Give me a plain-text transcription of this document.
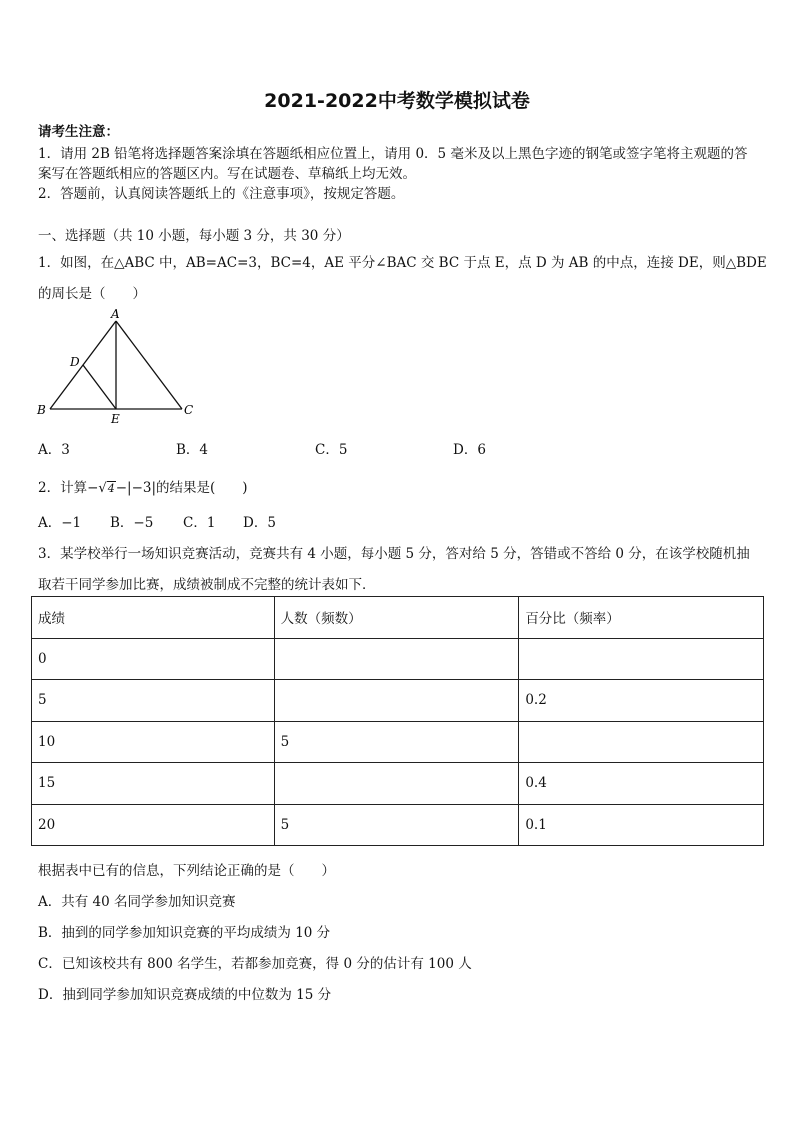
2021-2022中考数学模拟试卷
请考生注意：
1．请用 2B 铅笔将选择题答案涂填在答题纸相应位置上，请用 0．5 毫米及以上黑色字迹的钢笔或签字笔将主观题的答
案写在答题纸相应的答题区内。写在试题卷、草稿纸上均无效。
2．答题前，认真阅读答题纸上的《注意事项》，按规定答题。
一、选择题（共 10 小题，每小题 3 分，共 30 分）
1．如图，在△ABC 中，AB=AC=3，BC=4，AE 平分∠BAC 交 BC 于点 E，点 D 为 AB 的中点，连接 DE，则△BDE
的周长是（　　）
A
D
B	C
E
A．3	B．4	C．5	D．6
2．计算−√4−|−3|的结果是(　　)
A．−1 B．−5 C．1 D．5
3．某学校举行一场知识竞赛活动，竞赛共有 4 小题，每小题 5 分，答对给 5 分，答错或不答给 0 分，在该学校随机抽
取若干同学参加比赛，成绩被制成不完整的统计表如下．
成绩	人数（频数）	百分比（频率）
0		
5		0.2
10	5	
15		0.4
20	5	0.1
根据表中已有的信息，下列结论正确的是（　　）
A．共有 40 名同学参加知识竞赛
B．抽到的同学参加知识竞赛的平均成绩为 10 分
C．已知该校共有 800 名学生，若都参加竞赛，得 0 分的估计有 100 人
D．抽到同学参加知识竞赛成绩的中位数为 15 分
